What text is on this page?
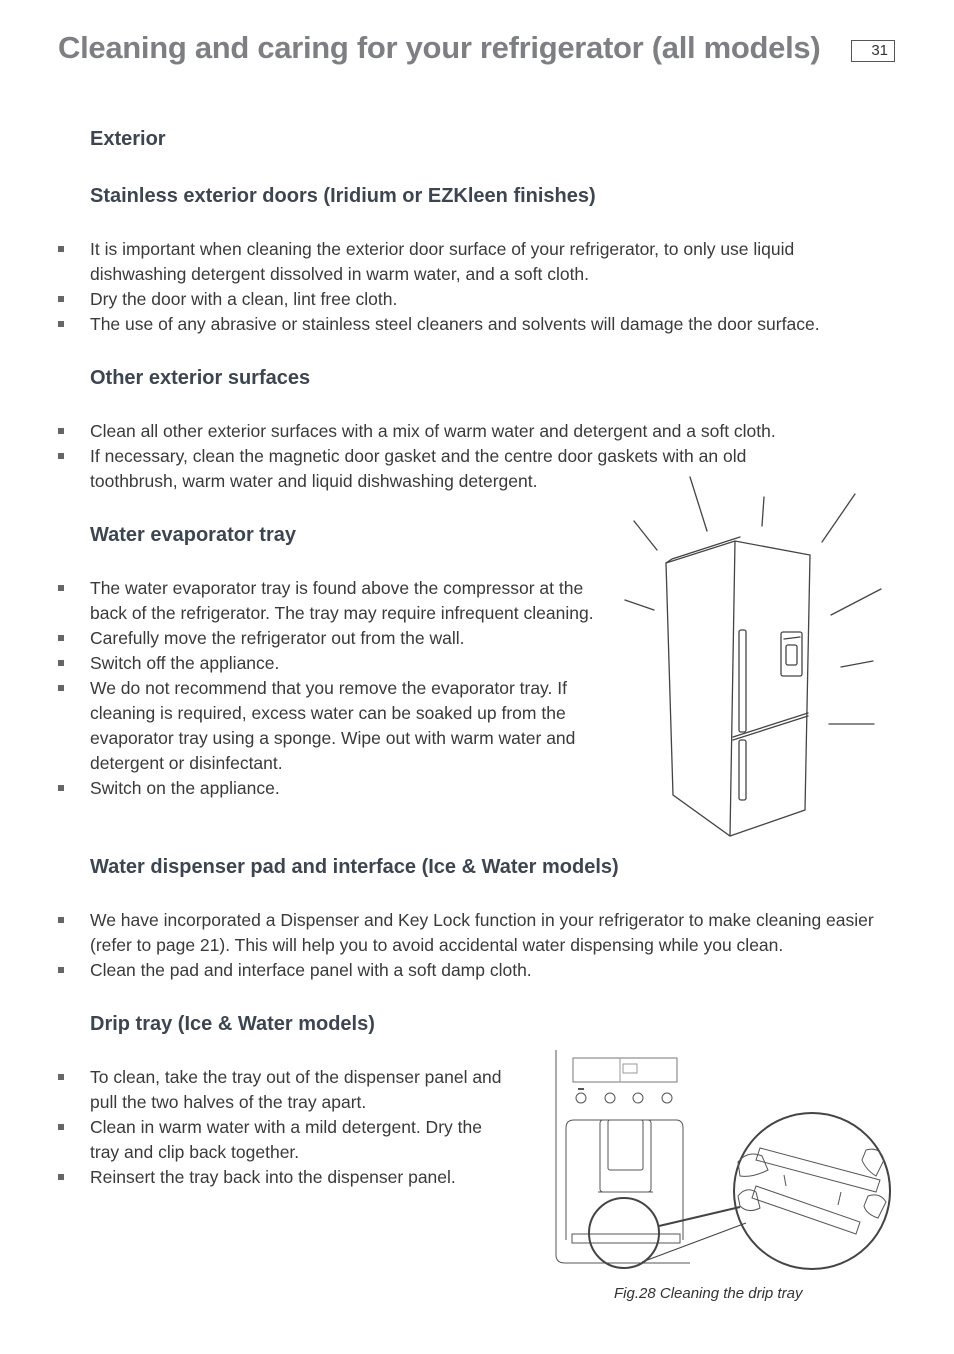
Cleaning and caring for your refrigerator (all models)	31
Exterior
Stainless exterior doors (Iridium or EZKleen finishes)
It is important when cleaning the exterior door surface of your refrigerator, to only use liquid dishwashing detergent dissolved in warm water, and a soft cloth.
Dry the door with a clean, lint free cloth.
The use of any abrasive or stainless steel cleaners and solvents will damage the door surface.
Other exterior surfaces
Clean all other exterior surfaces with a mix of warm water and detergent and a soft cloth.
If necessary, clean the magnetic door gasket and the centre door gaskets with an old toothbrush, warm water and liquid dishwashing detergent.
Water evaporator tray
The water evaporator tray is found above the compressor at the back of the refrigerator. The tray may require infrequent cleaning.
Carefully move the refrigerator out from the wall.
Switch off the appliance.
We do not recommend that you remove the evaporator tray. If cleaning is required, excess water can be soaked up from the evaporator tray using a sponge. Wipe out with warm water and detergent or disinfectant.
Switch on the appliance.
Water dispenser pad and interface (Ice & Water models)
We have incorporated a Dispenser and Key Lock function in your refrigerator to make cleaning easier (refer to page 21). This will help you to avoid accidental water dispensing while you clean.
Clean the pad and interface panel with a soft damp cloth.
Drip tray (Ice & Water models)
To clean, take the tray out of the dispenser panel and pull the two halves of the tray apart.
Clean in warm water with a mild detergent. Dry the tray and clip back together.
Reinsert the tray back into the dispenser panel.
Fig.28 Cleaning the drip tray
